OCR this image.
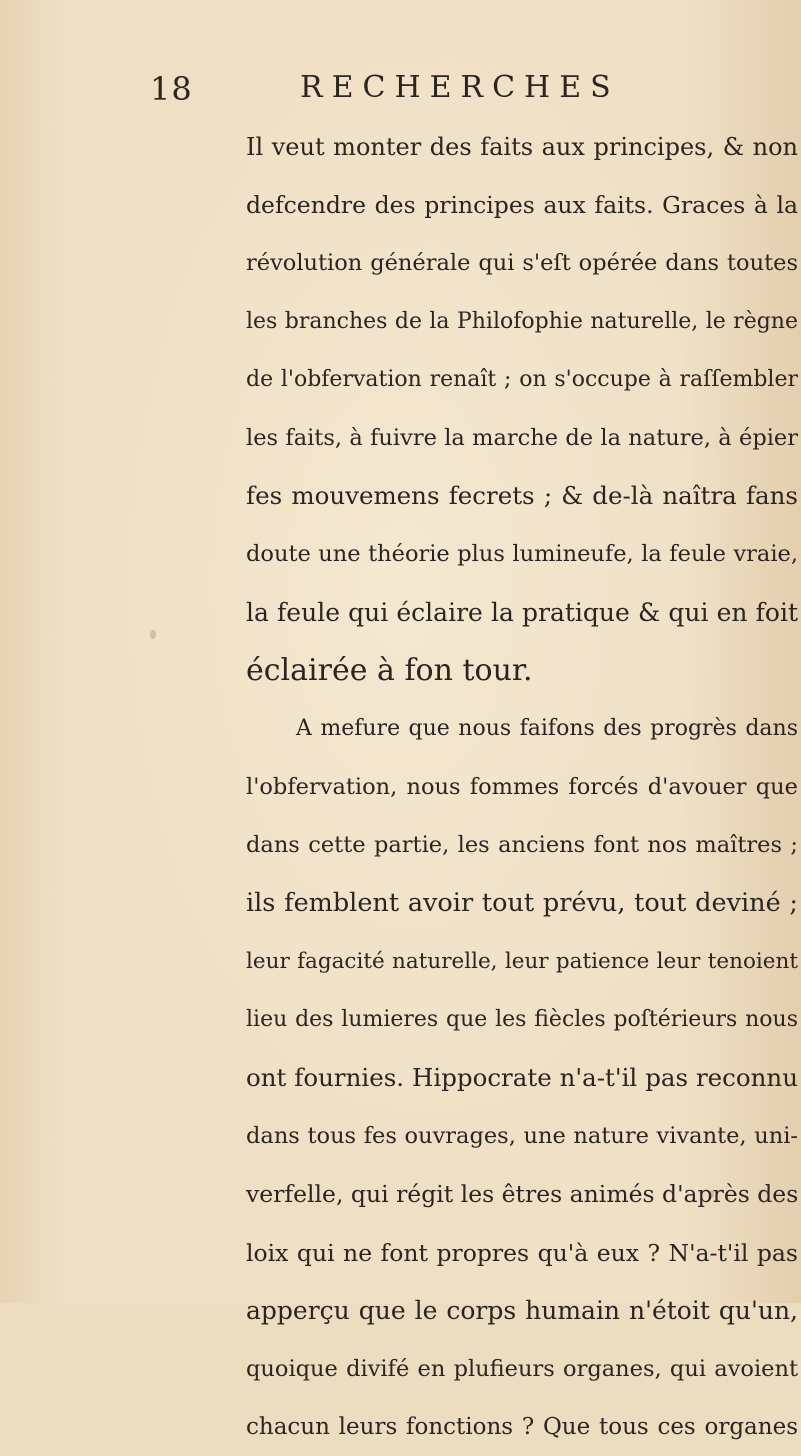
18	RECHERCHES
Il veut monter des faits aux principes, & non
defcendre des principes aux faits. Graces à la
révolution générale qui s'eſt opérée dans toutes
les branches de la Philofophie naturelle, le règne
de l'obfervation renaît ; on s'occupe à raſſembler
les faits, à fuivre la marche de la nature, à épier
fes mouvemens fecrets ; & de-là naîtra fans
doute une théorie plus lumineufe, la feule vraie,
la feule qui éclaire la pratique & qui en foit
éclairée à fon tour.
A mefure que nous faifons des progrès dans
l'obfervation, nous fommes forcés d'avouer que
dans cette partie, les anciens font nos maîtres ;
ils femblent avoir tout prévu, tout deviné ;
leur fagacité naturelle, leur patience leur tenoient
lieu des lumieres que les fiècles poſtérieurs nous
ont fournies. Hippocrate n'a-t'il pas reconnu
dans tous fes ouvrages, une nature vivante, uni-
verfelle, qui régit les êtres animés d'après des
loix qui ne font propres qu'à eux ? N'a-t'il pas
apperçu que le corps humain n'étoit qu'un,
quoique divifé en plufieurs organes, qui avoient
chacun leurs fonctions ? Que tous ces organes
